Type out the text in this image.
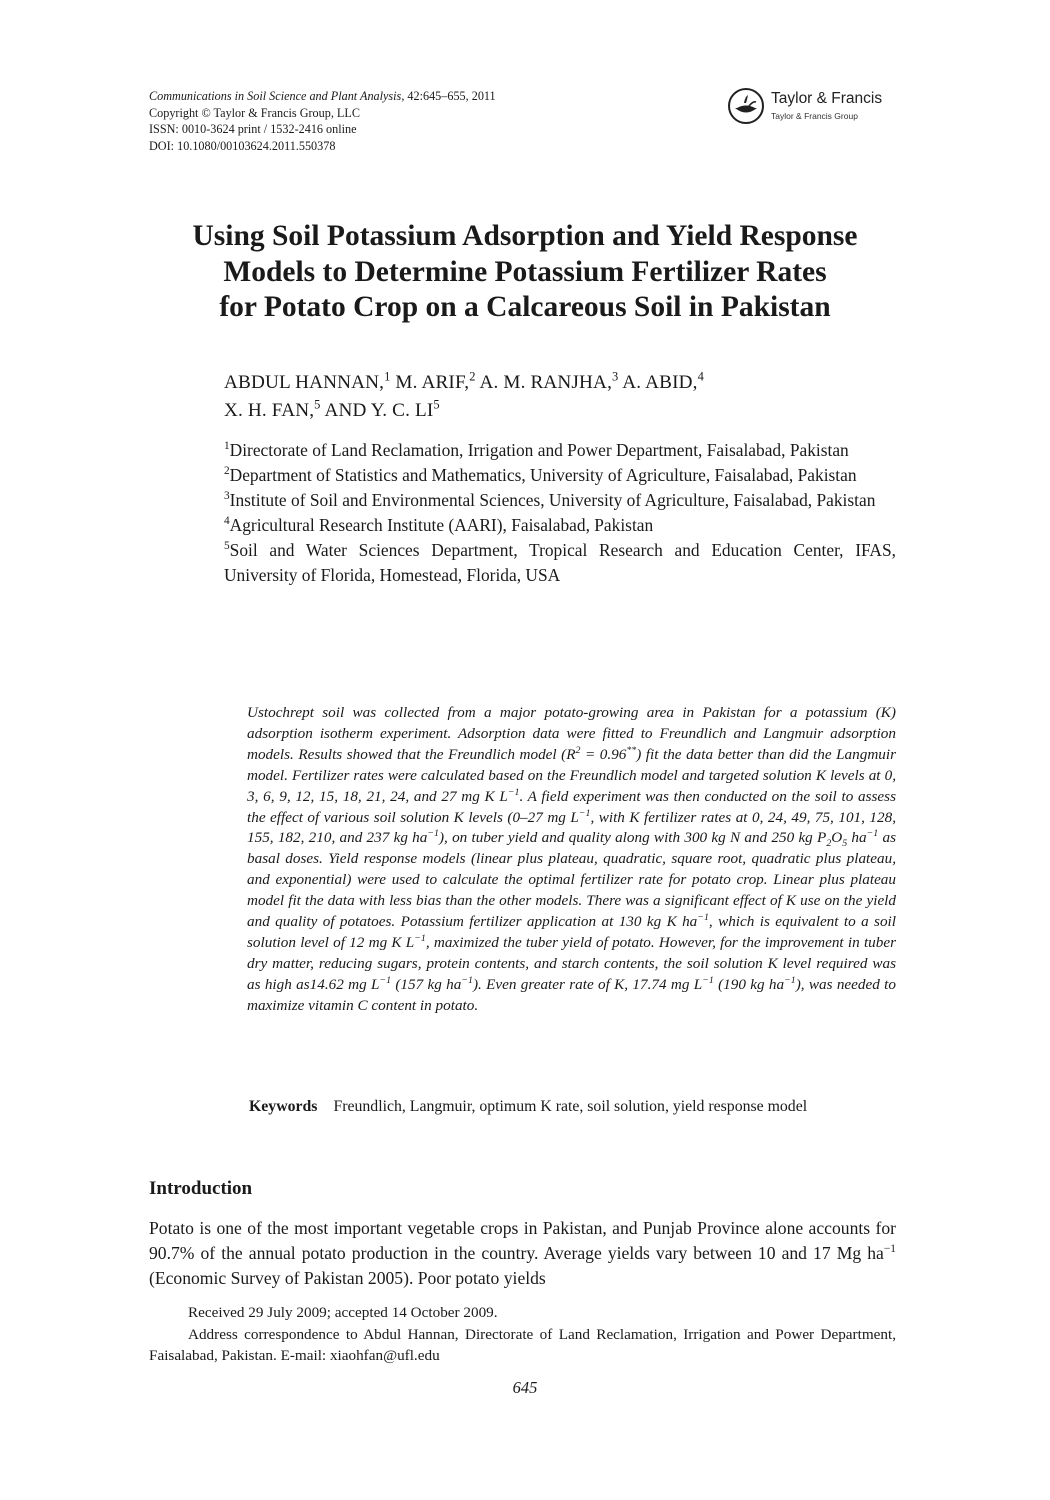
Communications in Soil Science and Plant Analysis, 42:645–655, 2011
Copyright © Taylor & Francis Group, LLC
ISSN: 0010-3624 print / 1532-2416 online
DOI: 10.1080/00103624.2011.550378
Taylor & Francis
Taylor & Francis Group
Using Soil Potassium Adsorption and Yield Response
Models to Determine Potassium Fertilizer Rates
for Potato Crop on a Calcareous Soil in Pakistan
ABDUL HANNAN,$^1$ M. ARIF,$^2$ A. M. RANJHA,$^3$ A. ABID,$^4$
X. H. FAN,$^5$ AND Y. C. $LI^5$
$^1$Directorate of Land Reclamation, Irrigation and Power Department, Faisalabad, Pakistan
$^2$Department of Statistics and Mathematics, University of Agriculture, Faisalabad, Pakistan
$^3$Institute of Soil and Environmental Sciences, University of Agriculture, Faisalabad, Pakistan
$^4$Agricultural Research Institute (AARI), Faisalabad, Pakistan
$^5$Soil and Water Sciences Department, Tropical Research and Education Center, IFAS, University of Florida, Homestead, Florida, USA
Ustochrept soil was collected from a major potato-growing area in Pakistan for a potassium (K) adsorption isotherm experiment. Adsorption data were fitted to Freundlich and Langmuir adsorption models. Results showed that the Freundlich model $(R^2 = 0.96^{**})$ fit the data better than did the Langmuir model. Fertilizer rates were calculated based on the Freundlich model and targeted solution K levels at 0, 3, 6, 9, 12, 15, 18, 21, 24, and 27 mg K $L^{-1}$. A field experiment was then conducted on the soil to assess the effect of various soil solution K levels (0–27 mg $L^{-1}$, with K fertilizer rates at 0, 24, 49, 75, 101, 128, 155, 182, 210, and 237 kg $ha^{-1}$), on tuber yield and quality along with 300 kg N and 250 kg $P_2O_5$ $ha^{-1}$ as basal doses. Yield response models (linear plus plateau, quadratic, square root, quadratic plus plateau, and exponential) were used to calculate the optimal fertilizer rate for potato crop. Linear plus plateau model fit the data with less bias than the other models. There was a significant effect of K use on the yield and quality of potatoes. Potassium fertilizer application at 130 kg K $ha^{-1}$, which is equivalent to a soil solution level of 12 mg K $L^{-1}$, maximized the tuber yield of potato. However, for the improvement in tuber dry matter, reducing sugars, protein contents, and starch contents, the soil solution K level required was as high as14.62 mg $L^{-1}$ (157 kg $ha^{-1}$). Even greater rate of K, 17.74 mg $L^{-1}$ (190 kg $ha^{-1}$), was needed to maximize vitamin C content in potato.
Keywords Freundlich, Langmuir, optimum K rate, soil solution, yield response model
Introduction
Potato is one of the most important vegetable crops in Pakistan, and Punjab Province alone accounts for 90.7% of the annual potato production in the country. Average yields vary between 10 and 17 Mg $ha^{-1}$ (Economic Survey of Pakistan 2005). Poor potato yields
Received 29 July 2009; accepted 14 October 2009.
Address correspondence to Abdul Hannan, Directorate of Land Reclamation, Irrigation and Power Department, Faisalabad, Pakistan. E-mail: xiaohfan@ufl.edu
645
